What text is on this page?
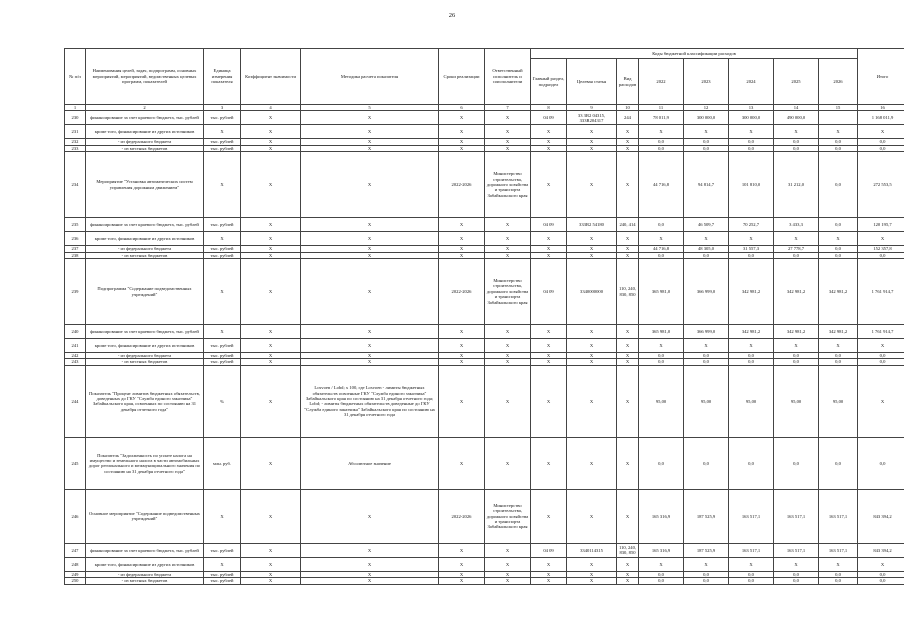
26
№ п/п	Наименования целей, задач, подпрограмм, основных мероприятий, мероприятий, ведомственных целевых программ, показателей	Единица измерения показателя	Коэффициент значимости	Методика расчета показателя	Сроки реализации	Ответственный исполнитель и соисполнители	Коды бюджетной классификации расходов								Итого
							Главный раздел, подраздел	Целевая статья	Вид расходов	2022	2023	2024	2025	2026	
1	2	3	4	5	6	7	8	9	10	11	12	13	14	15	16
230	финансирование за счет краевого бюджета, тыс. рублей	тыс. рублей	X	X	X	X	04 09	33 3R2 04315, 333R204317	244	78 011,9	300 000,0	300 000,0	490 000,0		1 168 011,9
231	кроме того, финансирование из других источников	X	X	X	X	X	X	X	X	X	X	X	X	X	X
232	- из федерального бюджета	тыс. рублей	X	X	X	X	X	X	X	0,0	0,0	0,0	0,0	0,0	0,0
233	- из местных бюджетов	тыс. рублей	X	X	X	X	X	X	X	0,0	0,0	0,0	0,0	0,0	0,0
234	Мероприятие "Установка автоматических систем управления дорожным движением"	X	X	X	2022-2026	Министерство строительства, дорожного хозяйства и транспорта Забайкальского края	X	X	X	44 716,8	94 814,7	101 810,0	31 212,0	0,0	272 553,5
235	финансирование за счет краевого бюджета, тыс. рублей	тыс. рублей	X	X	X	X	04 09	333R2 54180	240, 414	0,0	46 509,7	70 252,7	3 433,3	0,0	120 195,7
236	кроме того, финансирование из других источников	X	X	X	X	X	X	X	X	X	X	X	X	X	X
237	- из федерального бюджета	тыс. рублей	X	X	X	X	X	X	X	44 716,8	48 305,0	31 557,3	27 778,7	0,0	152 357,8
238	- из местных бюджетов	тыс. рублей	X	X	X	X	X	X	X	0,0	0,0	0,0	0,0	0,0	0,0
239	Подпрограмма "Содержание подведомственных учреждений"	X	X	X	2022-2026	Министерство строительства, дорожного хозяйства и транспорта Забайкальского края	04 09	3340000000	110, 240, 830, 850	365 981,0	366 999,0	342 981,2	342 981,2	342 981,2	1 761 914,7
240	финансирование за счет краевого бюджета, тыс. рублей	X	X	X	X	X	X	X	X	365 981,0	366 999,0	342 981,2	342 981,2	342 981,2	1 761 914,7
241	кроме того, финансирование из других источников	тыс. рублей	X	X	X	X	X	X	X	X	X	X	X	X	X
242	- из федерального бюджета	тыс. рублей	X	X	X	X	X	X	X	0,0	0,0	0,0	0,0	0,0	0,0
243	- из местных бюджетов	тыс. рублей	X	X	X	X	X	X	X	0,0	0,0	0,0	0,0	0,0	0,0
244	Показатель "Процент лимитов бюджетных обязательств, доведенных до ГКУ "Служба единого заказчика" Забайкальского края, освоенных по состоянию на 31 декабря отчетного года"	%	X	Losvoen / Lobd; х 100, где Losvoen - лимиты бюджетных обязательств освоенные ГКУ "Служба единого заказчика" Забайкальского края по состоянию на 31 декабря отчетного года; Lobd; - лимиты бюджетных обязательств доведенные до ГКУ "Служба единого заказчика" Забайкальского края по состоянию на 31 декабря отчетного года	X	X	X	X	X	95,00	95,00	95,00	95,00	95,00	X
245	Показатель "Задолженность по уплате налога на имущество и земельного налога в части автомобильных дорог регионального и межмуниципального значения по состоянию на 31 декабря отчетного года"	млн. руб.	X	Абсолютное значение	X	X	X	X	X	0,0	0,0	0,0	0,0	0,0	0,0
246	Основное мероприятие "Содержание подведомственных учреждений"	X	X	X	2022-2026	Министерство строительства, дорожного хозяйства и транспорта Забайкальского края	X	X	X	165 316,9	187 525,9	163 517,1	163 517,1	163 517,1	843 394,2
247	финансирование за счет краевого бюджета, тыс. рублей	тыс. рублей	X	X	X	X	04 09	3340114315	110, 240, 830, 850	165 316,9	187 525,9	163 517,1	163 517,1	163 517,1	843 394,2
248	кроме того, финансирование из других источников	X	X	X	X	X	X	X	X	X	X	X	X	X	X
249	- из федерального бюджета	тыс. рублей	X	X	X	X	X	X	X	0,0	0,0	0,0	0,0	0,0	0,0
250	- из местных бюджетов	тыс. рублей	X	X	X	X	X	X	X	0,0	0,0	0,0	0,0	0,0	0,0
